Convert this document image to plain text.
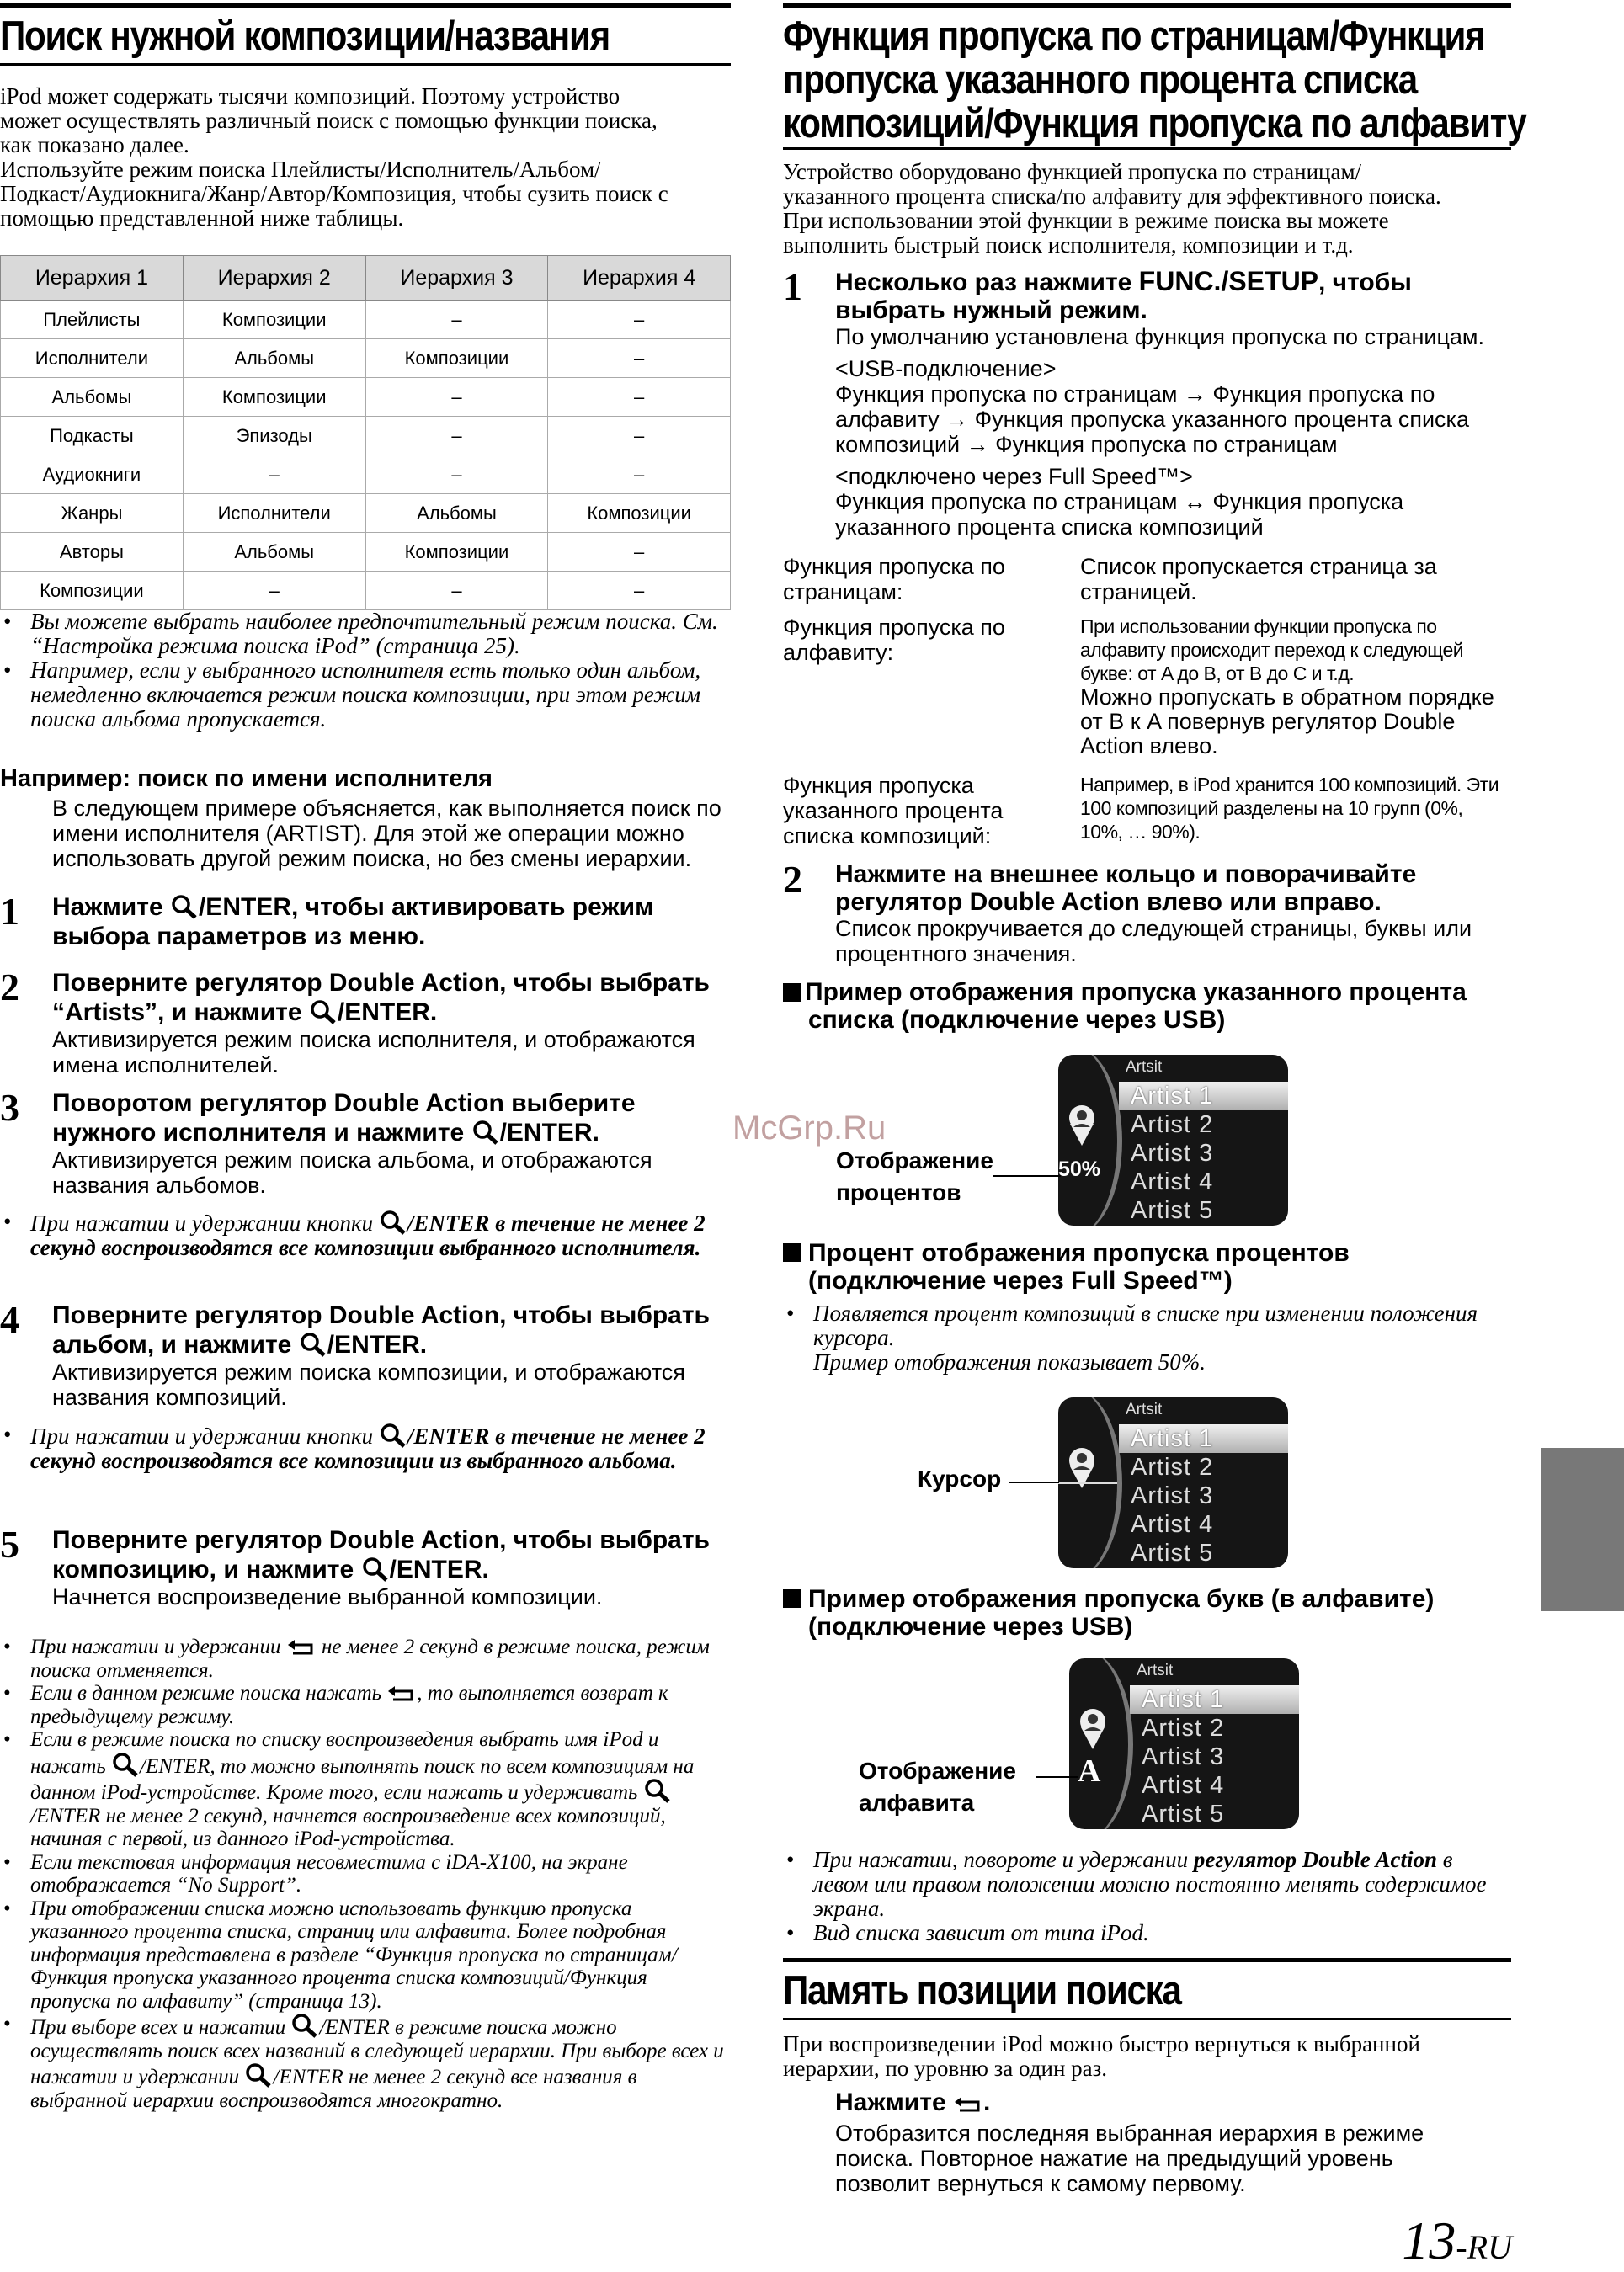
Поиск нужной композиции/названия
iPod может содержать тысячи композиций. Поэтому устройство
может осуществлять различный поиск с помощью функции поиска,
как показано далее.
Используйте режим поиска Плейлисты/Исполнитель/Альбом/
Подкаст/Аудиокнига/Жанр/Автор/Композиция, чтобы сузить поиск с
помощью представленной ниже таблицы.
Иерархия 1	Иерархия 2	Иерархия 3	Иерархия 4
Плейлисты	Композиции	–	–
Исполнители	Альбомы	Композиции	–
Альбомы	Композиции	–	–
Подкасты	Эпизоды	–	–
Аудиокниги	–	–	–
Жанры	Исполнители	Альбомы	Композиции
Авторы	Альбомы	Композиции	–
Композиции	–	–	–
• Вы можете выбрать наиболее предпочтительный режим поиска. См. “Настройка режима поиска iPod” (страница 25).
• Например, если у выбранного исполнителя есть только один альбом, немедленно включается режим поиска композиции, при этом режим поиска альбома пропускается.
Например: поиск по имени исполнителя
В следующем примере объясняется, как выполняется поиск по имени исполнителя (ARTIST). Для этой же операции можно использовать другой режим поиска, но без смены иерархии.
1 Нажмите /ENTER, чтобы активировать режим выбора параметров из меню.
2 Поверните регулятор Double Action, чтобы выбрать “Artists”, и нажмите /ENTER.
Активизируется режим поиска исполнителя, и отображаются имена исполнителей.
3 Поворотом регулятор Double Action выберите нужного исполнителя и нажмите /ENTER.
Активизируется режим поиска альбома, и отображаются названия альбомов.
• При нажатии и удержании кнопки /ENTER в течение не менее 2 секунд воспроизводятся все композиции выбранного исполнителя.
4 Поверните регулятор Double Action, чтобы выбрать альбом, и нажмите /ENTER.
Активизируется режим поиска композиции, и отображаются названия композиций.
• При нажатии и удержании кнопки /ENTER в течение не менее 2 секунд воспроизводятся все композиции из выбранного альбома.
5 Поверните регулятор Double Action, чтобы выбрать композицию, и нажмите /ENTER.
Начнется воспроизведение выбранной композиции.
• При нажатии и удержании  не менее 2 секунд в режиме поиска, режим поиска отменяется.
• Если в данном режиме поиска нажать , то выполняется возврат к предыдущему режиму.
• Если в режиме поиска по списку воспроизведения выбрать имя iPod и нажать /ENTER, то можно выполнять поиск по всем композициям на данном iPod-устройстве. Кроме того, если нажать и удерживать /ENTER не менее 2 секунд, начнется воспроизведение всех композиций, начиная с первой, из данного iPod-устройства.
• Если текстовая информация несовместима с iDA-X100, на экране отображается “No Support”.
• При отображении списка можно использовать функцию пропуска указанного процента списка, страниц или алфавита. Более подробная информация представлена в разделе “Функция пропуска по страницам/Функция пропуска указанного процента списка композиций/Функция пропуска по алфавиту” (страница 13).
• При выборе всех и нажатии /ENTER в режиме поиска можно осуществлять поиск всех названий в следующей иерархии. При выборе всех и нажатии и удержании /ENTER не менее 2 секунд все названия в выбранной иерархии воспроизводятся многократно.
Функция пропуска по страницам/Функция
пропуска указанного процента списка
композиций/Функция пропуска по алфавиту
Устройство оборудовано функцией пропуска по страницам/ указанного процента списка/по алфавиту для эффективного поиска. При использовании этой функции в режиме поиска вы можете выполнить быстрый поиск исполнителя, композиции и т.д.
1 Несколько раз нажмите FUNC./SETUP, чтобы выбрать нужный режим.
По умолчанию установлена функция пропуска по страницам.
<USB-подключение>
Функция пропуска по страницам → Функция пропуска по алфавиту → Функция пропуска указанного процента списка композиций → Функция пропуска по страницам
<подключено через Full Speed™>
Функция пропуска по страницам ↔ Функция пропуска указанного процента списка композиций
Функция пропуска по страницам:
Список пропускается страница за страницей.
Функция пропуска по алфавиту:
При использовании функции пропуска по алфавиту происходит переход к следующей букве: от A до B, от B до C и т.д.
Можно пропускать в обратном порядке от B к A повернув регулятор Double Action влево.
Функция пропуска указанного процента списка композиций:
Например, в iPod хранится 100 композиций. Эти 100 композиций разделены на 10 групп (0%, 10%, … 90%).
2 Нажмите на внешнее кольцо и поворачивайте регулятор Double Action влево или вправо.
Список прокручивается до следующей страницы, буквы или процентного значения.
Пример отображения пропуска указанного процента списка (подключение через USB)
Artsit
Artist 1
Artist 2
Artist 3
Artist 4
Artist 5
50%
Отображение процентов
Процент отображения пропуска процентов (подключение через Full Speed™)
• Появляется процент композиций в списке при изменении положения курсора.
Пример отображения показывает 50%.
Artsit
Artist 1
Artist 2
Artist 3
Artist 4
Artist 5
Курсор
Пример отображения пропуска букв (в алфавите) (подключение через USB)
Artsit
Artist 1
Artist 2
Artist 3
Artist 4
Artist 5
A
Отображение алфавита
• При нажатии, повороте и удержании регулятор Double Action в левом или правом положении можно постоянно менять содержимое экрана.
• Вид списка зависит от типа iPod.
Память позиции поиска
При воспроизведении iPod можно быстро вернуться к выбранной иерархии, по уровню за один раз.
Нажмите .
Отобразится последняя выбранная иерархия в режиме поиска. Повторное нажатие на предыдущий уровень позволит вернуться к самому первому.
McGrp.Ru
13-RU
